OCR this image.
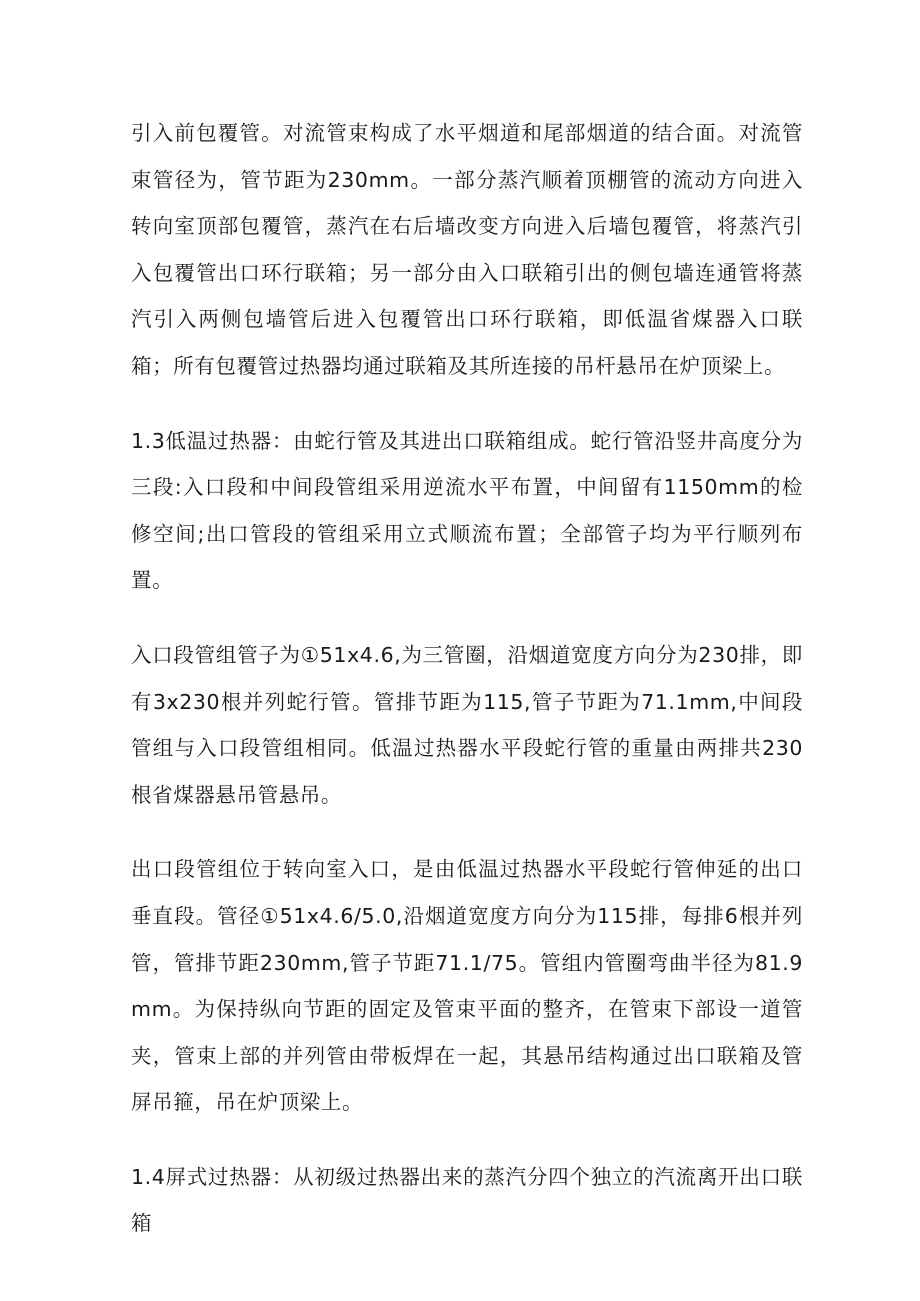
引入前包覆管。对流管束构成了水平烟道和尾部烟道的结合面。对流管束管径为，管节距为230mm。一部分蒸汽顺着顶棚管的流动方向进入转向室顶部包覆管，蒸汽在右后墙改变方向进入后墙包覆管，将蒸汽引入包覆管出口环行联箱；另一部分由入口联箱引出的侧包墙连通管将蒸汽引入两侧包墙管后进入包覆管出口环行联箱，即低温省煤器入口联箱；所有包覆管过热器均通过联箱及其所连接的吊杆悬吊在炉顶梁上。

1.3低温过热器：由蛇行管及其进出口联箱组成。蛇行管沿竖井高度分为三段:入口段和中间段管组采用逆流水平布置，中间留有1150mm的检修空间;出口管段的管组采用立式顺流布置；全部管子均为平行顺列布置。

入口段管组管子为①51x4.6,为三管圈，沿烟道宽度方向分为230排，即有3x230根并列蛇行管。管排节距为115,管子节距为71.1mm,中间段管组与入口段管组相同。低温过热器水平段蛇行管的重量由两排共230根省煤器悬吊管悬吊。

出口段管组位于转向室入口，是由低温过热器水平段蛇行管伸延的出口垂直段。管径①51x4.6/5.0,沿烟道宽度方向分为115排，每排6根并列管，管排节距230mm,管子节距71.1/75。管组内管圈弯曲半径为81.9mm。为保持纵向节距的固定及管束平面的整齐，在管束下部设一道管夹，管束上部的并列管由带板焊在一起，其悬吊结构通过出口联箱及管屏吊箍，吊在炉顶梁上。

1.4屏式过热器：从初级过热器出来的蒸汽分四个独立的汽流离开出口联箱
